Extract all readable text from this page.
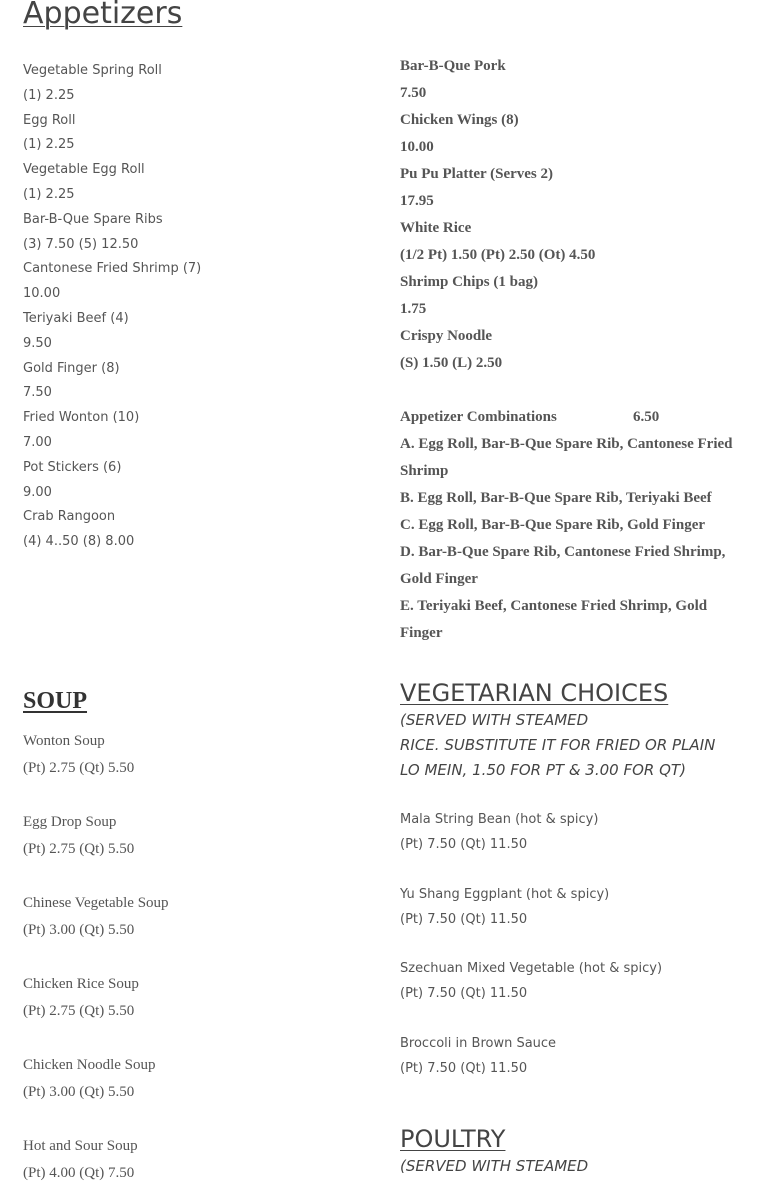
Appetizers
Vegetable Spring Roll
(1) 2.25
Egg Roll
(1) 2.25
Vegetable Egg Roll
(1) 2.25
Bar-B-Que Spare Ribs
(3) 7.50 (5) 12.50
Cantonese Fried Shrimp (7)
10.00
Teriyaki Beef (4)
9.50
Gold Finger (8)
7.50
Fried Wonton (10)
7.00
Pot Stickers (6)
9.00
Crab Rangoon
(4) 4..50 (8) 8.00
Bar-B-Que Pork
7.50
Chicken Wings (8)
10.00
Pu Pu Platter (Serves 2)
17.95
White Rice
(1/2 Pt) 1.50 (Pt) 2.50 (Ot) 4.50
Shrimp Chips (1 bag)
1.75
Crispy Noodle
(S) 1.50 (L) 2.50
Appetizer Combinations	6.50
A. Egg Roll, Bar-B-Que Spare Rib, Cantonese Fried Shrimp
B. Egg Roll, Bar-B-Que Spare Rib, Teriyaki Beef
C. Egg Roll, Bar-B-Que Spare Rib, Gold Finger
D. Bar-B-Que Spare Rib, Cantonese Fried Shrimp, Gold Finger
E. Teriyaki Beef, Cantonese Fried Shrimp, Gold Finger
SOUP
Wonton Soup
(Pt) 2.75 (Qt) 5.50
Egg Drop Soup
(Pt) 2.75 (Qt) 5.50
Chinese Vegetable Soup
(Pt) 3.00 (Qt) 5.50
Chicken Rice Soup
(Pt) 2.75 (Qt) 5.50
Chicken Noodle Soup
(Pt) 3.00 (Qt) 5.50
Hot and Sour Soup
(Pt) 4.00 (Qt) 7.50
VEGETARIAN CHOICES
(SERVED WITH STEAMED
RICE. SUBSTITUTE IT FOR FRIED OR PLAIN
LO MEIN, 1.50 FOR PT & 3.00 FOR QT)
Mala String Bean (hot & spicy)
(Pt) 7.50 (Qt) 11.50
Yu Shang Eggplant (hot & spicy)
(Pt) 7.50 (Qt) 11.50
Szechuan Mixed Vegetable (hot & spicy)
(Pt) 7.50 (Qt) 11.50
Broccoli in Brown Sauce
(Pt) 7.50 (Qt) 11.50
POULTRY
(SERVED WITH STEAMED
